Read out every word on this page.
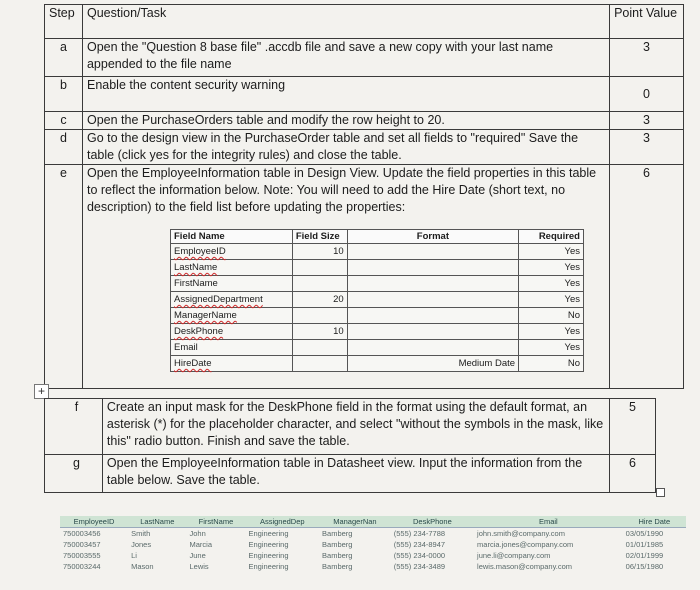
Step	Question/Task	Point Value
a	Open the "Question 8 base file" .accdb file and save a new copy with your last name appended to the file name	3
b	Enable the content security warning	0
c	Open the PurchaseOrders table and modify the row height to 20.	3
d	Go to the design view in the PurchaseOrder table and set all fields to "required" Save the table (click yes for the integrity rules) and close the table.	3
e	Open the EmployeeInformation table in Design View. Update the field properties in this table to reflect the information below. Note: You will need to add the Hire Date (short text, no description) to the field list before updating the properties:	6
Field Name	Field Size	Format	Required
EmployeeID	10		Yes
LastName			Yes
FirstName			Yes
AssignedDepartment	20		Yes
ManagerName			No
DeskPhone	10		Yes
Email			Yes
HireDate		Medium Date	No
+
f	Create an input mask for the DeskPhone field in the format using the default format, an asterisk (*) for the placeholder character, and select "without the symbols in the mask, like this" radio button. Finish and save the table.	5
g	Open the EmployeeInformation table in Datasheet view. Input the information from the table below. Save the table.	6
EmployeeID	LastName	FirstName	AssignedDep	ManagerNan	DeskPhone	Email	Hire Date
750003456	Smith	John	Engineering	Bamberg	(555) 234-7788	john.smith@company.com	03/05/1990
750003457	Jones	Marcia	Engineering	Bamberg	(555) 234-8947	marcia.jones@company.com	01/01/1985
750003555	Li	June	Engineering	Bamberg	(555) 234-0000	june.li@company.com	02/01/1999
750003244	Mason	Lewis	Engineering	Bamberg	(555) 234-3489	lewis.mason@company.com	06/15/1980
